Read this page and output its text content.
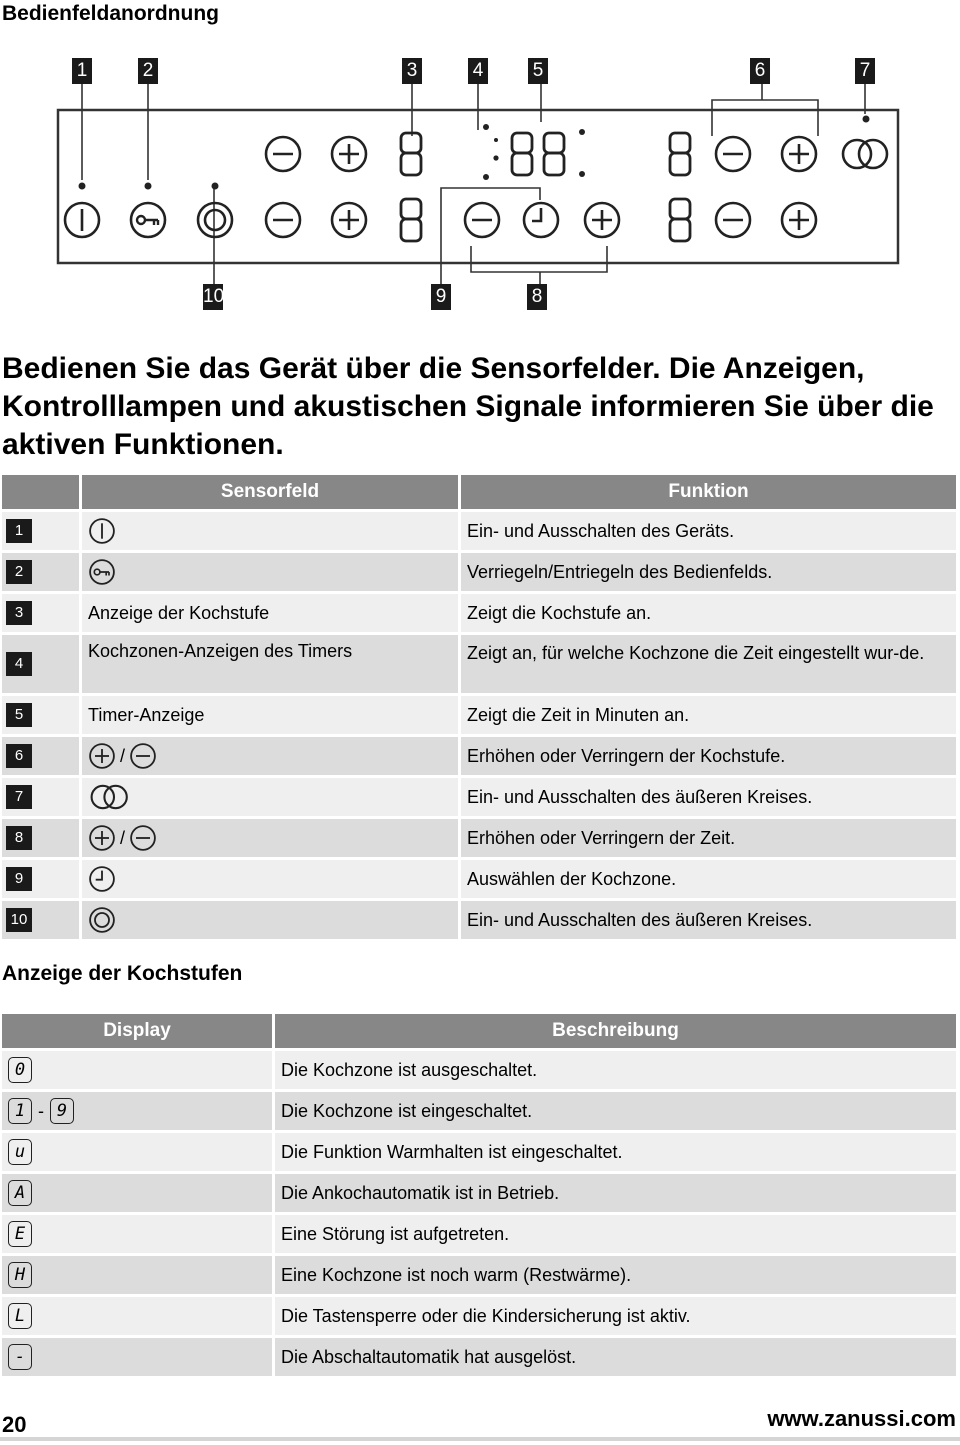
Bedienfeldanordnung
1	2	3	4	5	6	7
10	9	8
Bedienen Sie das Gerät über die Sensorfelder. Die Anzeigen, Kontrolllampen und akustischen Signale informieren Sie über die aktiven Funktionen.
	Sensorfeld	Funktion
1		Ein- und Ausschalten des Geräts.
2		Verriegeln/Entriegeln des Bedienfelds.
3	Anzeige der Kochstufe	Zeigt die Kochstufe an.
4	Kochzonen-Anzeigen des Timers	Zeigt an, für welche Kochzone die Zeit eingestellt wur-de.
5	Timer-Anzeige	Zeigt die Zeit in Minuten an.
6	/	Erhöhen oder Verringern der Kochstufe.
7		Ein- und Ausschalten des äußeren Kreises.
8	/	Erhöhen oder Verringern der Zeit.
9		Auswählen der Kochzone.
10		Ein- und Ausschalten des äußeren Kreises.
Anzeige der Kochstufen
Display	Beschreibung
0	Die Kochzone ist ausgeschaltet.
1 - 9	Die Kochzone ist eingeschaltet.
u	Die Funktion Warmhalten ist eingeschaltet.
A	Die Ankochautomatik ist in Betrieb.
E	Eine Störung ist aufgetreten.
H	Eine Kochzone ist noch warm (Restwärme).
L	Die Tastensperre oder die Kindersicherung ist aktiv.
-	Die Abschaltautomatik hat ausgelöst.
20	www.zanussi.com
